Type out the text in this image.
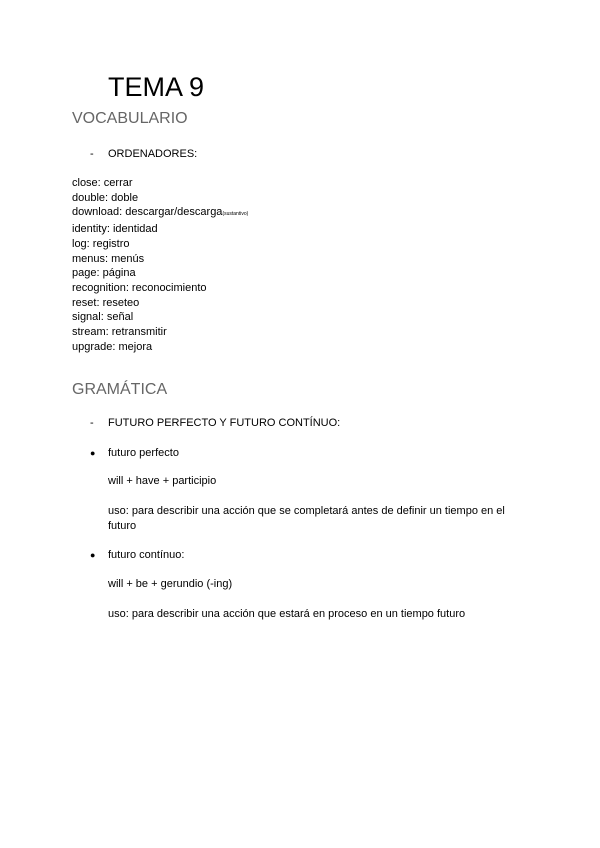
TEMA 9
VOCABULARIO

- ORDENADORES:

close: cerrar
double: doble
download: descargar/descarga(sustantivo)
identity: identidad
log: registro
menus: menús
page: página
recognition: reconocimiento
reset: reseteo
signal: señal
stream: retransmitir
upgrade: mejora
GRAMÁTICA

- FUTURO PERFECTO Y FUTURO CONTÍNUO:

● futuro perfecto

will + have + participio

uso: para describir una acción que se completará antes de definir un tiempo en el futuro

● futuro contínuo:

will + be + gerundio (-ing)

uso: para describir una acción que estará en proceso en un tiempo futuro
